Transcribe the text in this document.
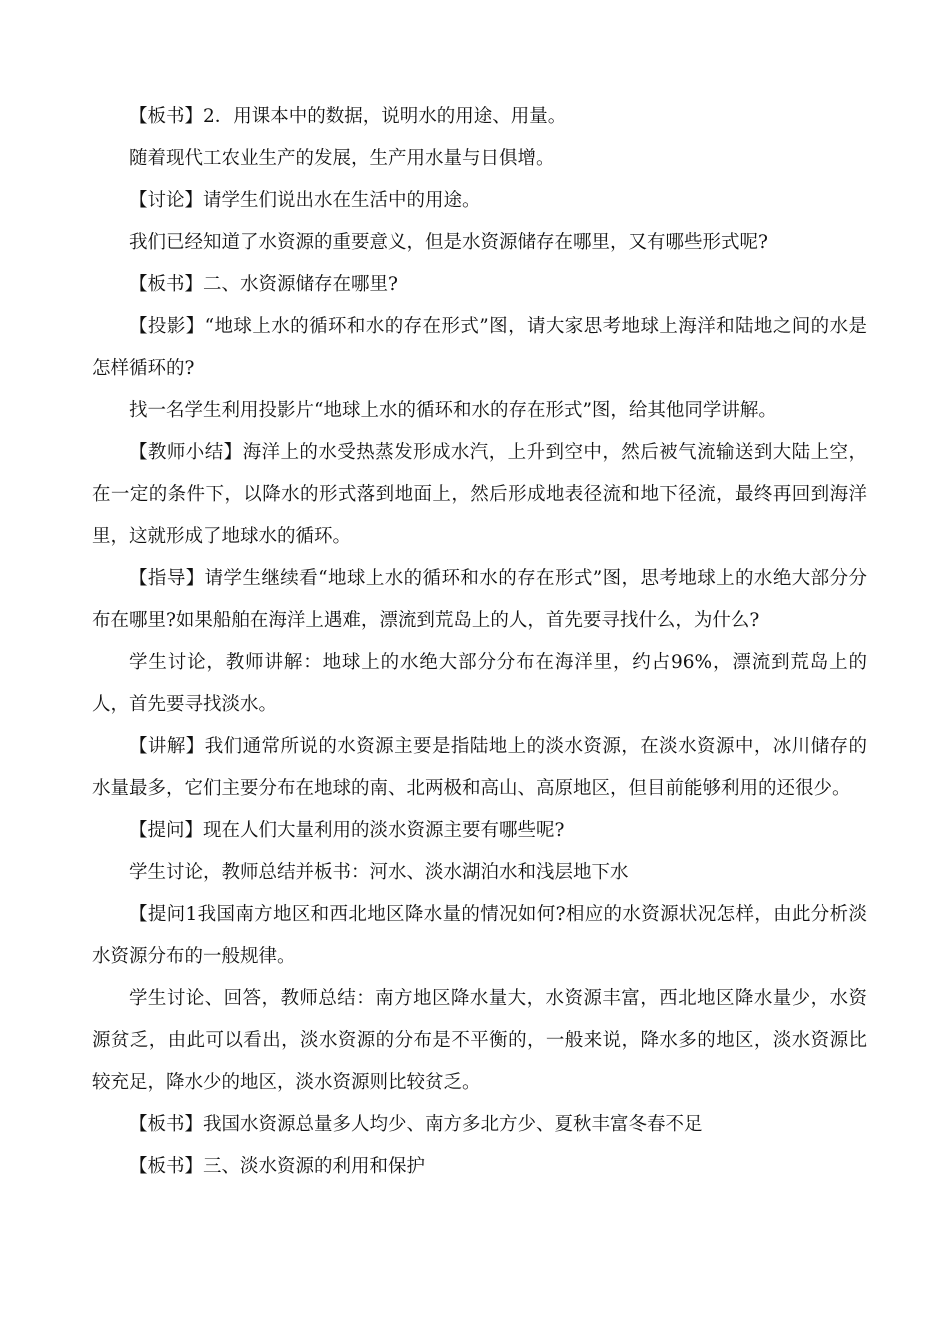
【板书】2．用课本中的数据，说明水的用途、用量。

随着现代工农业生产的发展，生产用水量与日俱增。

【讨论】请学生们说出水在生活中的用途。

我们已经知道了水资源的重要意义，但是水资源储存在哪里，又有哪些形式呢?

【板书】二、水资源储存在哪里?

【投影】“地球上水的循环和水的存在形式”图，请大家思考地球上海洋和陆地之间的水是怎样循环的?

找一名学生利用投影片“地球上水的循环和水的存在形式”图，给其他同学讲解。

【教师小结】海洋上的水受热蒸发形成水汽，上升到空中，然后被气流输送到大陆上空，在一定的条件下，以降水的形式落到地面上，然后形成地表径流和地下径流，最终再回到海洋里，这就形成了地球水的循环。

【指导】请学生继续看“地球上水的循环和水的存在形式”图，思考地球上的水绝大部分分布在哪里?如果船舶在海洋上遇难，漂流到荒岛上的人，首先要寻找什么，为什么?

学生讨论，教师讲解：地球上的水绝大部分分布在海洋里，约占96%，漂流到荒岛上的人，首先要寻找淡水。

【讲解】我们通常所说的水资源主要是指陆地上的淡水资源，在淡水资源中，冰川储存的水量最多，它们主要分布在地球的南、北两极和高山、高原地区，但目前能够利用的还很少。

【提问】现在人们大量利用的淡水资源主要有哪些呢?

学生讨论，教师总结并板书：河水、淡水湖泊水和浅层地下水

【提问1我国南方地区和西北地区降水量的情况如何?相应的水资源状况怎样，由此分析淡水资源分布的一般规律。

学生讨论、回答，教师总结：南方地区降水量大，水资源丰富，西北地区降水量少，水资源贫乏，由此可以看出，淡水资源的分布是不平衡的，一般来说，降水多的地区，淡水资源比较充足，降水少的地区，淡水资源则比较贫乏。

【板书】我国水资源总量多人均少、南方多北方少、夏秋丰富冬春不足

【板书】三、淡水资源的利用和保护
